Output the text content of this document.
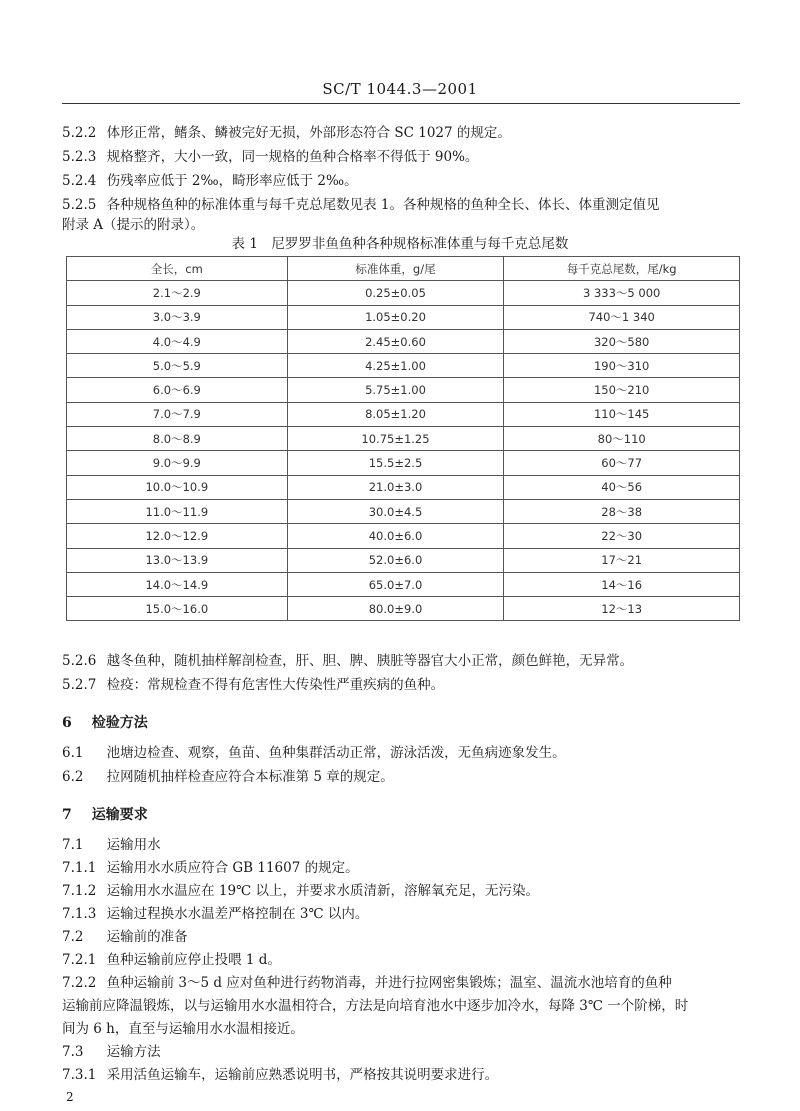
SC/T 1044.3—2001
5.2.2 体形正常，鳍条、鳞被完好无损，外部形态符合 SC 1027 的规定。
5.2.3 规格整齐，大小一致，同一规格的鱼种合格率不得低于 90%。
5.2.4 伤残率应低于 2‰，畸形率应低于 2‰。
5.2.5 各种规格鱼种的标准体重与每千克总尾数见表 1。各种规格的鱼种全长、体长、体重测定值见
附录 A（提示的附录）。
表 1　尼罗罗非鱼鱼种各种规格标准体重与每千克总尾数
全长，cm	标准体重，g/尾	每千克总尾数，尾/kg
2.1～2.9	0.25±0.05	3 333～5 000
3.0～3.9	1.05±0.20	740～1 340
4.0～4.9	2.45±0.60	320～580
5.0～5.9	4.25±1.00	190～310
6.0～6.9	5.75±1.00	150～210
7.0～7.9	8.05±1.20	110～145
8.0～8.9	10.75±1.25	80～110
9.0～9.9	15.5±2.5	60～77
10.0～10.9	21.0±3.0	40～56
11.0～11.9	30.0±4.5	28～38
12.0～12.9	40.0±6.0	22～30
13.0～13.9	52.0±6.0	17～21
14.0～14.9	65.0±7.0	14～16
15.0～16.0	80.0±9.0	12～13
5.2.6 越冬鱼种，随机抽样解剖检查，肝、胆、脾、胰脏等器官大小正常，颜色鲜艳，无异常。
5.2.7 检疫：常规检查不得有危害性大传染性严重疾病的鱼种。
6 检验方法
6.1 池塘边检查、观察，鱼苗、鱼种集群活动正常，游泳活泼，无鱼病迹象发生。
6.2 拉网随机抽样检查应符合本标准第 5 章的规定。
7 运输要求
7.1 运输用水
7.1.1 运输用水水质应符合 GB 11607 的规定。
7.1.2 运输用水水温应在 19℃ 以上，并要求水质清新，溶解氧充足，无污染。
7.1.3 运输过程换水水温差严格控制在 3℃ 以内。
7.2 运输前的准备
7.2.1 鱼种运输前应停止投喂 1 d。
7.2.2 鱼种运输前 3～5 d 应对鱼种进行药物消毒，并进行拉网密集锻炼；温室、温流水池培育的鱼种
运输前应降温锻炼，以与运输用水水温相符合，方法是向培育池水中逐步加冷水，每降 3℃ 一个阶梯，时
间为 6 h，直至与运输用水水温相接近。
7.3 运输方法
7.3.1 采用活鱼运输车，运输前应熟悉说明书，严格按其说明要求进行。
2
